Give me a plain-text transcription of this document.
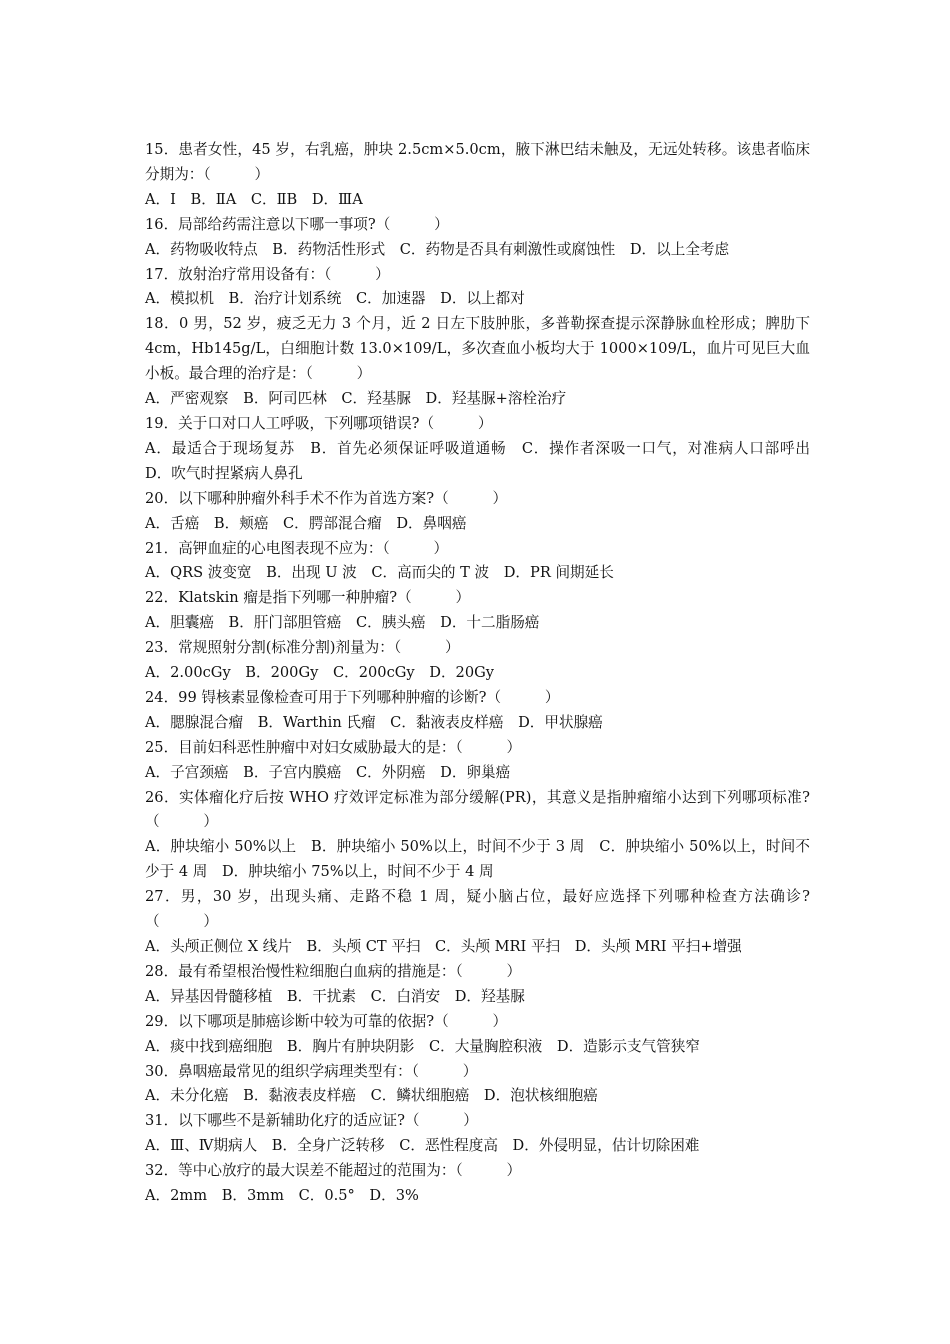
15．患者女性，45 岁，右乳癌，肿块 2.5cm×5.0cm，腋下淋巴结未触及，无远处转移。该患者临床分期为：（　　　）

A．Ⅰ　B．ⅡA　C．ⅡB　D．ⅢA

16．局部给药需注意以下哪一事项?（　　　）

A．药物吸收特点　B．药物活性形式　C．药物是否具有刺激性或腐蚀性　D．以上全考虑

17．放射治疗常用设备有：（　　　）

A．模拟机　B．治疗计划系统　C．加速器　D．以上都对

18．0 男，52 岁，疲乏无力 3 个月，近 2 日左下肢肿胀，多普勒探查提示深静脉血栓形成；脾肋下 4cm，Hb145g/L，白细胞计数 13.0×109/L，多次查血小板均大于 1000×109/L，血片可见巨大血小板。最合理的治疗是：（　　　）

A．严密观察　B．阿司匹林　C．羟基脲　D．羟基脲+溶栓治疗

19．关于口对口人工呼吸，下列哪项错误?（　　　）

A．最适合于现场复苏　B．首先必须保证呼吸道通畅　C．操作者深吸一口气，对准病人口部呼出　D．吹气时捏紧病人鼻孔

20．以下哪种肿瘤外科手术不作为首选方案?（　　　）

A．舌癌　B．颊癌　C．腭部混合瘤　D．鼻咽癌

21．高钾血症的心电图表现不应为：（　　　）

A．QRS 波变宽　B．出现 U 波　C．高而尖的 T 波　D．PR 间期延长

22．Klatskin 瘤是指下列哪一种肿瘤?（　　　）

A．胆囊癌　B．肝门部胆管癌　C．胰头癌　D．十二脂肠癌

23．常规照射分割(标准分割)剂量为：（　　　）

A．2.00cGy　B．200Gy　C．200cGy　D．20Gy

24．99 锝核素显像检查可用于下列哪种肿瘤的诊断?（　　　）

A．腮腺混合瘤　B．Warthin 氏瘤　C．黏液表皮样癌　D．甲状腺癌

25．目前妇科恶性肿瘤中对妇女威胁最大的是：（　　　）

A．子宫颈癌　B．子宫内膜癌　C．外阴癌　D．卵巢癌

26．实体瘤化疗后按 WHO 疗效评定标准为部分缓解(PR)，其意义是指肿瘤缩小达到下列哪项标准?（　　　）

A．肿块缩小 50%以上　B．肿块缩小 50%以上，时间不少于 3 周　C．肿块缩小 50%以上，时间不少于 4 周　D．肿块缩小 75%以上，时间不少于 4 周

27．男，30 岁，出现头痛、走路不稳 1 周，疑小脑占位，最好应选择下列哪种检查方法确诊?（　　　）

A．头颅正侧位 X 线片　B．头颅 CT 平扫　C．头颅 MRI 平扫　D．头颅 MRI 平扫+增强

28．最有希望根治慢性粒细胞白血病的措施是：（　　　）

A．异基因骨髓移植　B．干扰素　C．白消安　D．羟基脲

29．以下哪项是肺癌诊断中较为可靠的依据?（　　　）

A．痰中找到癌细胞　B．胸片有肿块阴影　C．大量胸腔积液　D．造影示支气管狭窄

30．鼻咽癌最常见的组织学病理类型有：（　　　）

A．未分化癌　B．黏液表皮样癌　C．鳞状细胞癌　D．泡状核细胞癌

31．以下哪些不是新辅助化疗的适应证?（　　　）

A．Ⅲ、Ⅳ期病人　B．全身广泛转移　C．恶性程度高　D．外侵明显，估计切除困难

32．等中心放疗的最大误差不能超过的范围为：（　　　）

A．2mm　B．3mm　C．0.5°　D．3%
